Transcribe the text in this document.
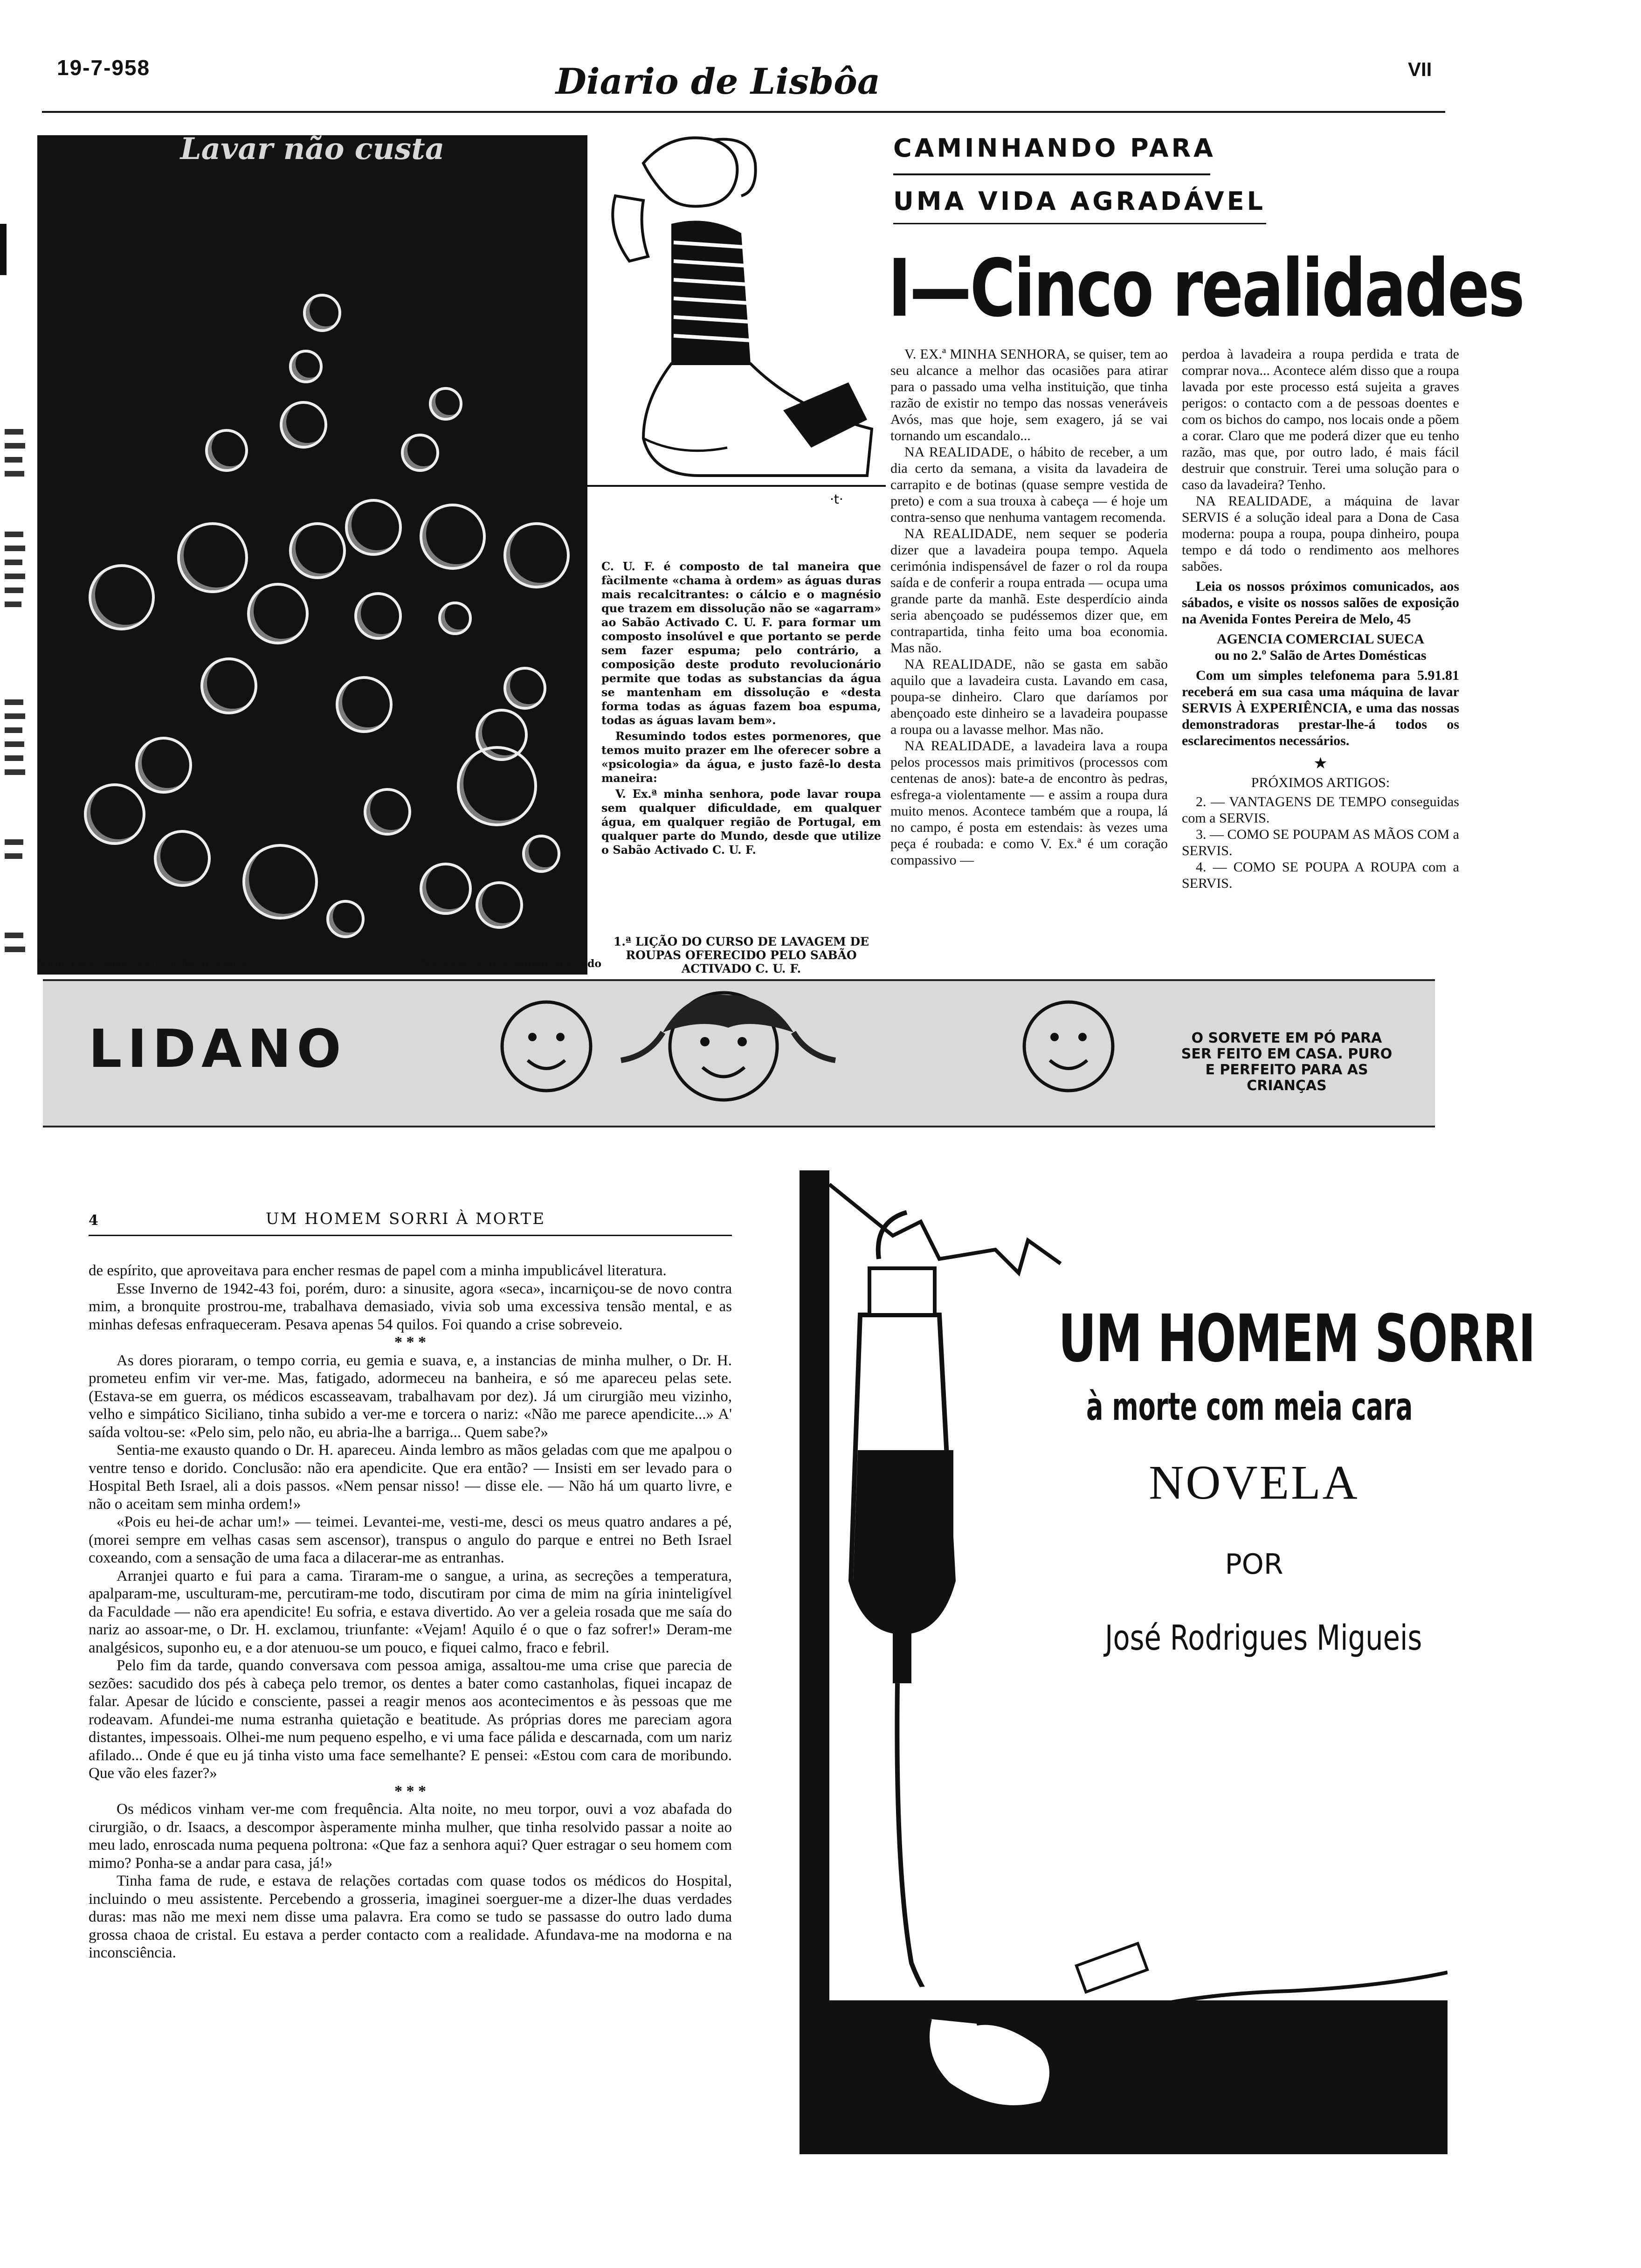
19-7-958	Diario de Lisbôa	VII
Lavar não custa
·t·

C. U. F. é composto de tal maneira que fàcilmente «chama à ordem» as águas duras mais recalcitrantes: o cálcio e o magnésio que trazem em dissolução não se «agarram» ao Sabão Activado C. U. F. para formar um composto insolúvel e que portanto se perde sem fazer espuma; pelo contrário, a composição deste produto revolucionário permite que todas as substancias da água se mantenham em dissolução e «desta forma todas as águas fazem boa espuma, todas as águas lavam bem».

Resumindo todos estes pormenores, que temos muito prazer em lhe oferecer sobre a «psicologia» da água, e justo fazê-lo desta maneira:

V. Ex.ª minha senhora, pode lavar roupa sem qualquer dificuldade, em qualquer água, em qualquer região de Portugal, em qualquer parte do Mundo, desde que utilize o Sabão Activado C. U. F.

1.ª LIÇÃO DO CURSO DE LAVAGEM DE ROUPAS OFERECIDO PELO SABÃO ACTIVADO C. U. F.
Nunca o tivesse feito! Ia de mal para	NA VERDADE o Sabão Activado
CAMINHANDO PARA
UMA VIDA AGRADÁVEL
I—Cinco realidades

V. EX.ª MINHA SENHORA, se quiser, tem ao seu alcance a melhor das ocasiões para atirar para o passado uma velha instituição, que tinha razão de existir no tempo das nossas veneráveis Avós, mas que hoje, sem exagero, já se vai tornando um escandalo...

NA REALIDADE, o hábito de receber, a um dia certo da semana, a visita da lavadeira de carrapito e de botinas (quase sempre vestida de preto) e com a sua trouxa à cabeça — é hoje um contra-senso que nenhuma vantagem recomenda.

NA REALIDADE, nem sequer se poderia dizer que a lavadeira poupa tempo. Aquela cerimónia indispensável de fazer o rol da roupa saída e de conferir a roupa entrada — ocupa uma grande parte da manhã. Este desperdício ainda seria abençoado se pudéssemos dizer que, em contrapartida, tinha feito uma boa economia. Mas não.

NA REALIDADE, não se gasta em sabão aquilo que a lavadeira custa. Lavando em casa, poupa-se dinheiro. Claro que daríamos por abençoado este dinheiro se a lavadeira poupasse a roupa ou a lavasse melhor. Mas não.

NA REALIDADE, a lavadeira lava a roupa pelos processos mais primitivos (processos com centenas de anos): bate-a de encontro às pedras, esfrega-a violentamente — e assim a roupa dura muito menos. Acontece também que a roupa, lá no campo, é posta em estendais: às vezes uma peça é roubada: e como V. Ex.ª é um coração compassivo —

perdoa à lavadeira a roupa perdida e trata de comprar nova... Acontece além disso que a roupa lavada por este processo está sujeita a graves perigos: o contacto com a de pessoas doentes e com os bichos do campo, nos locais onde a põem a corar. Claro que me poderá dizer que eu tenho razão, mas que, por outro lado, é mais fácil destruir que construir. Terei uma solução para o caso da lavadeira? Tenho.

NA REALIDADE, a máquina de lavar SERVIS é a solução ideal para a Dona de Casa moderna: poupa a roupa, poupa dinheiro, poupa tempo e dá todo o rendimento aos melhores sabões.

Leia os nossos próximos comunicados, aos sábados, e visite os nossos salões de exposição na Avenida Fontes Pereira de Melo, 45

AGENCIA COMERCIAL SUECA

ou no 2.º Salão de Artes Domésticas

Com um simples telefonema para 5.91.81 receberá em sua casa uma máquina de lavar SERVIS À EXPERIÊNCIA, e uma das nossas demonstradoras prestar-lhe-á todos os esclarecimentos necessários.

★

PRÓXIMOS ARTIGOS:

2. — VANTAGENS DE TEMPO conseguidas com a SERVIS.

3. — COMO SE POUPAM AS MÃOS COM a SERVIS.

4. — COMO SE POUPA A ROUPA com a SERVIS.

LIDANO	O SORVETE EM PÓ PARA SER FEITO EM CASA. PURO E PERFEITO PARA AS CRIANÇAS
4	UM HOMEM SORRI À MORTE

de espírito, que aproveitava para encher resmas de papel com a minha impublicável literatura.

Esse Inverno de 1942-43 foi, porém, duro: a sinusite, agora «seca», incarniçou-se de novo contra mim, a bronquite prostrou-me, trabalhava demasiado, vivia sob uma excessiva tensão mental, e as minhas defesas enfraqueceram. Pesava apenas 54 quilos. Foi quando a crise sobreveio.

* * *

As dores pioraram, o tempo corria, eu gemia e suava, e, a instancias de minha mulher, o Dr. H. prometeu enfim vir ver-me. Mas, fatigado, adormeceu na banheira, e só me apareceu pelas sete. (Estava-se em guerra, os médicos escasseavam, trabalhavam por dez). Já um cirurgião meu vizinho, velho e simpático Siciliano, tinha subido a ver-me e torcera o nariz: «Não me parece apendicite...» A' saída voltou-se: «Pelo sim, pelo não, eu abria-lhe a barriga... Quem sabe?»

Sentia-me exausto quando o Dr. H. apareceu. Ainda lembro as mãos geladas com que me apalpou o ventre tenso e dorido. Conclusão: não era apendicite. Que era então? — Insisti em ser levado para o Hospital Beth Israel, ali a dois passos. «Nem pensar nisso! — disse ele. — Não há um quarto livre, e não o aceitam sem minha ordem!»

«Pois eu hei-de achar um!» — teimei. Levantei-me, vesti-me, desci os meus quatro andares a pé, (morei sempre em velhas casas sem ascensor), transpus o angulo do parque e entrei no Beth Israel coxeando, com a sensação de uma faca a dilacerar-me as entranhas.

Arranjei quarto e fui para a cama. Tiraram-me o sangue, a urina, as secreções a temperatura, apalparam-me, usculturam-me, percutiram-me todo, discutiram por cima de mim na gíria ininteligível da Faculdade — não era apendicite! Eu sofria, e estava divertido. Ao ver a geleia rosada que me saía do nariz ao assoar-me, o Dr. H. exclamou, triunfante: «Vejam! Aquilo é o que o faz sofrer!» Deram-me analgésicos, suponho eu, e a dor atenuou-se um pouco, e fiquei calmo, fraco e febril.

Pelo fim da tarde, quando conversava com pessoa amiga, assaltou-me uma crise que parecia de sezões: sacudido dos pés à cabeça pelo tremor, os dentes a bater como castanholas, fiquei incapaz de falar. Apesar de lúcido e consciente, passei a reagir menos aos acontecimentos e às pessoas que me rodeavam. Afundei-me numa estranha quietação e beatitude. As próprias dores me pareciam agora distantes, impessoais. Olhei-me num pequeno espelho, e vi uma face pálida e descarnada, com um nariz afilado... Onde é que eu já tinha visto uma face semelhante? E pensei: «Estou com cara de moribundo. Que vão eles fazer?»

* * *

Os médicos vinham ver-me com frequência. Alta noite, no meu torpor, ouvi a voz abafada do cirurgião, o dr. Isaacs, a descompor àsperamente minha mulher, que tinha resolvido passar a noite ao meu lado, enroscada numa pequena poltrona: «Que faz a senhora aqui? Quer estragar o seu homem com mimo? Ponha-se a andar para casa, já!»

Tinha fama de rude, e estava de relações cortadas com quase todos os médicos do Hospital, incluindo o meu assistente. Percebendo a grosseria, imaginei soerguer-me a dizer-lhe duas verdades duras: mas não me mexi nem disse uma palavra. Era como se tudo se passasse do outro lado duma grossa chaoa de cristal. Eu estava a perder contacto com a realidade. Afundava-me na modorna e na inconsciência.

UM HOMEM SORRI
à morte com meia cara
NOVELA
POR
José Rodrigues Migueis
